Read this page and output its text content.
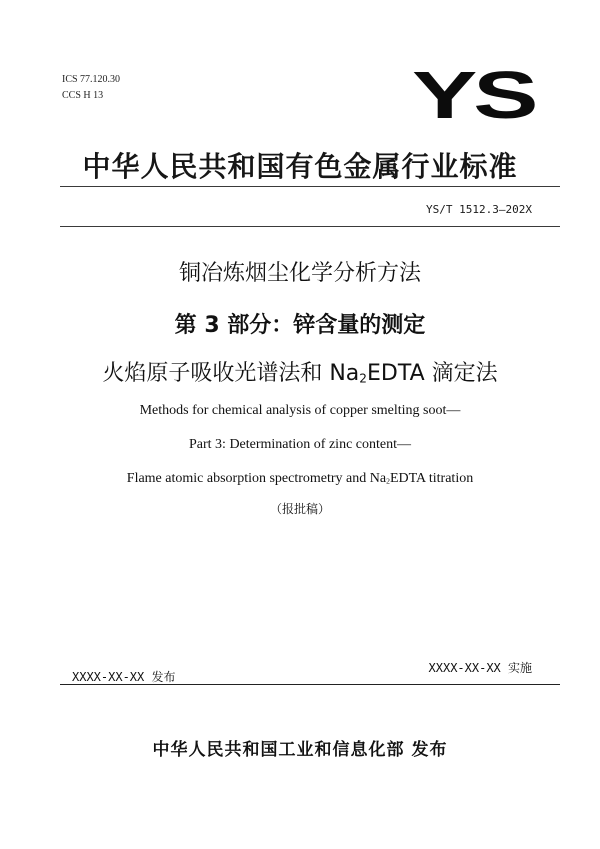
ICS 77.120.30
CCS H 13	YS
中华人民共和国有色金属行业标准
YS/T 1512.3—202X
铜冶炼烟尘化学分析方法
第 3 部分：锌含量的测定
火焰原子吸收光谱法和 $Na_2EDTA$ 滴定法
Methods for chemical analysis of copper smelting soot—
Part 3: Determination of zinc content—
Flame atomic absorption spectrometry and $Na_2EDTA$ titration
（报批稿）
XXXX-XX-XX 实施
XXXX-XX-XX 发布
中华人民共和国工业和信息化部 发布
